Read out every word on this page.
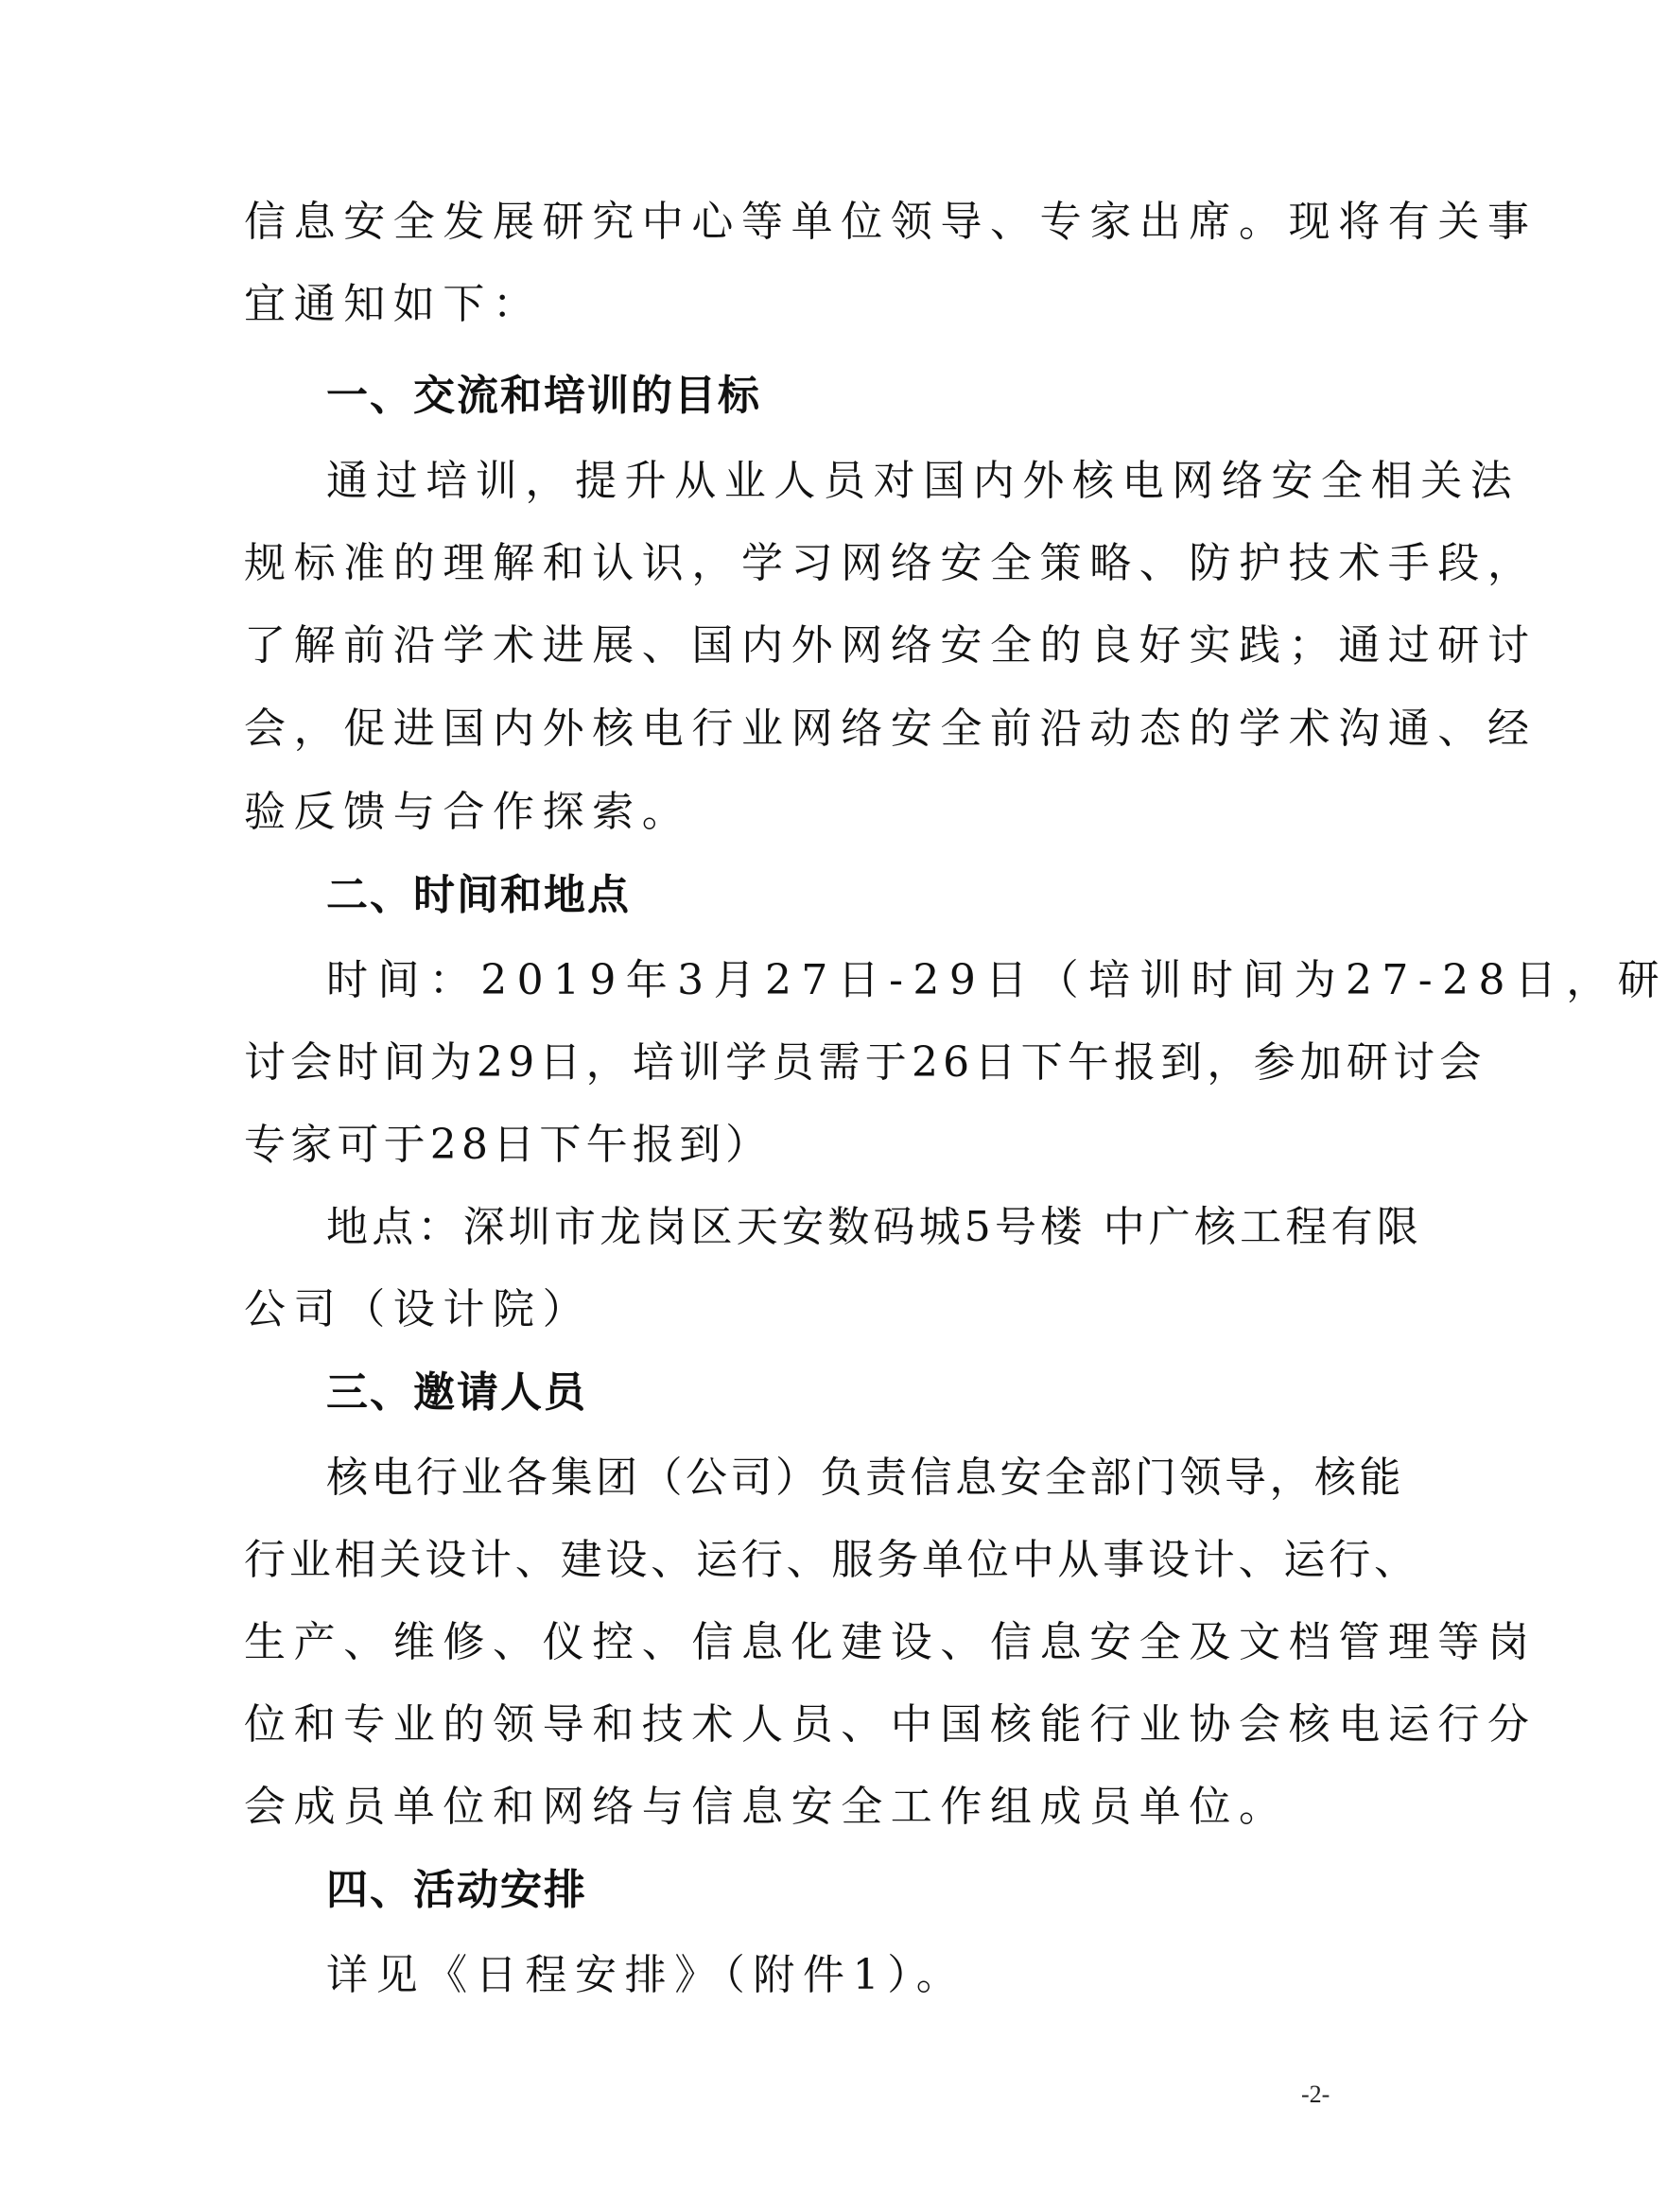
信息安全发展研究中心等单位领导、专家出席。现将有关事

宜通知如下：

一、交流和培训的目标

通过培训，提升从业人员对国内外核电网络安全相关法

规标准的理解和认识，学习网络安全策略、防护技术手段，

了解前沿学术进展、国内外网络安全的良好实践；通过研讨

会，促进国内外核电行业网络安全前沿动态的学术沟通、经

验反馈与合作探索。

二、时间和地点

时间：2019年3月27日-29日（培训时间为27-28日，研

讨会时间为29日，培训学员需于26日下午报到，参加研讨会

专家可于28日下午报到）

地点：深圳市龙岗区天安数码城5号楼 中广核工程有限

公司（设计院）

三、邀请人员

核电行业各集团（公司）负责信息安全部门领导，核能

行业相关设计、建设、运行、服务单位中从事设计、运行、

生产、维修、仪控、信息化建设、信息安全及文档管理等岗

位和专业的领导和技术人员、中国核能行业协会核电运行分

会成员单位和网络与信息安全工作组成员单位。

四、活动安排

详见《日程安排》（附件1）。

-2-
